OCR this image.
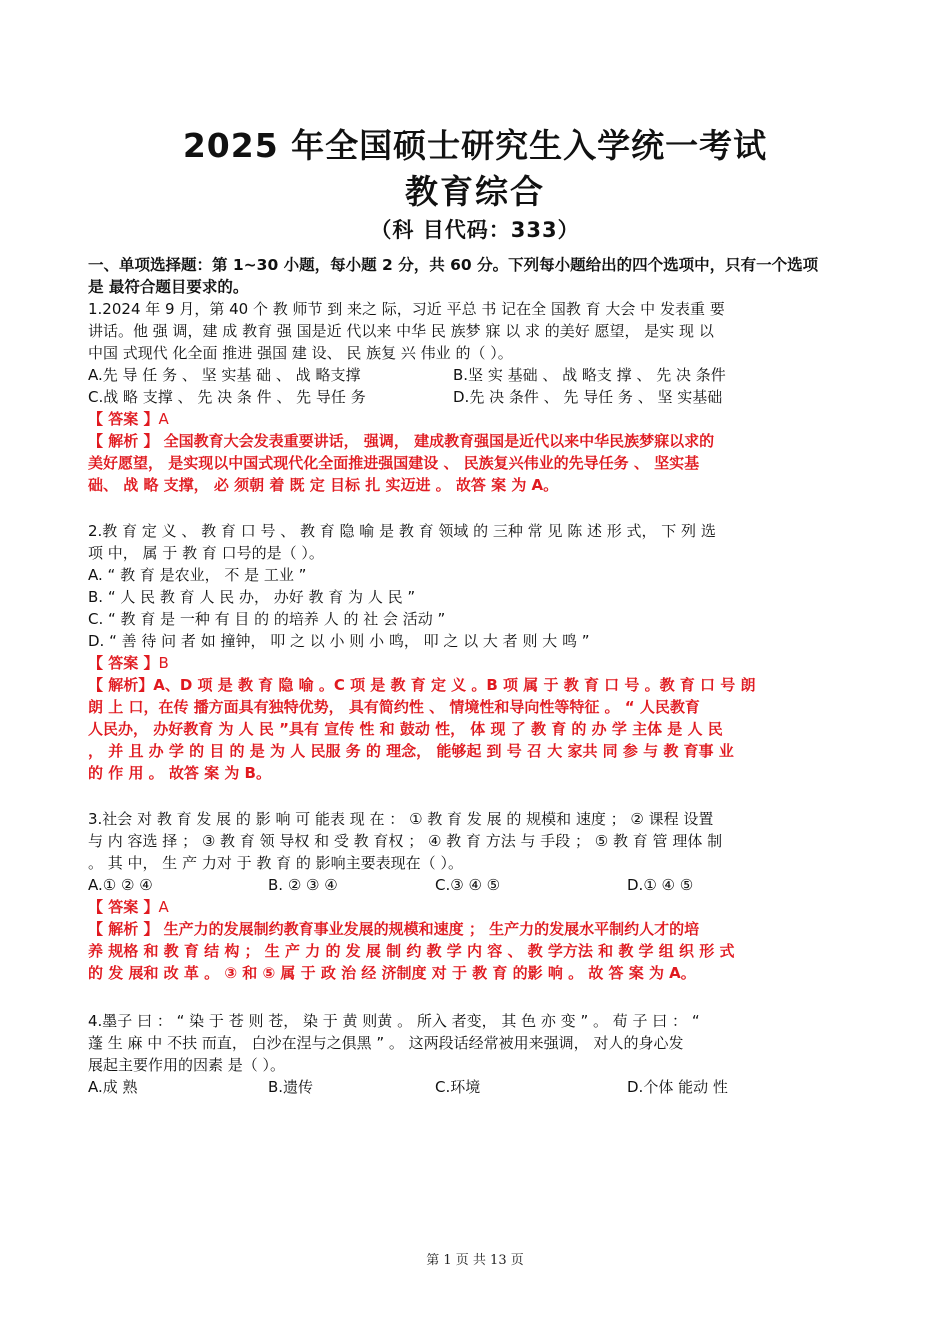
2025 年全国硕士研究生入学统一考试
教育综合
（科 目代码：333）
一、单项选择题：第 1~30 小题，每小题 2 分，共 60 分。下列每小题给出的四个选项中，只有一个选项
是 最符合题目要求的。
1.2024 年 9 月，第 40 个 教 师节 到 来之 际，习近 平总 书 记在全 国教 育 大会 中 发表重 要
讲话。他 强 调，建 成 教育 强 国是近 代以来 中华 民 族梦 寐 以 求 的美好 愿望， 是实 现 以
中国 式现代 化全面 推进 强国 建 设、 民 族复 兴 伟业 的（ ）。
A.先 导 任 务 、 坚 实基 础 、 战 略支撑	B.坚 实 基础 、 战 略支 撑 、 先 决 条件
C.战 略 支撑 、 先 决 条 件 、 先 导任 务	D.先 决 条件 、 先 导任 务 、 坚 实基础
【 答案 】A
【 解析 】 全国教育大会发表重要讲话， 强调， 建成教育强国是近代以来中华民族梦寐以求的
美好愿望， 是实现以中国式现代化全面推进强国建设 、 民族复兴伟业的先导任务 、 坚实基
础、 战 略 支撑， 必 须朝 着 既 定 目标 扎 实迈进 。 故答 案 为 A。
2.教 育 定 义 、 教 育 口 号 、 教 育 隐 喻 是 教 育 领域 的 三种 常 见 陈 述 形 式， 下 列 选
项 中， 属 于 教 育 口号的是（ ）。
A. “ 教 育 是农业， 不 是 工业 ”
B. “ 人 民 教 育 人 民 办， 办好 教 育 为 人 民 ”
C. “ 教 育 是 一种 有 目 的 的培养 人 的 社 会 活动 ”
D. “ 善 待 问 者 如 撞钟， 叩 之 以 小 则 小 鸣， 叩 之 以 大 者 则 大 鸣 ”
【 答案 】B
【 解析】A、D 项 是 教 育 隐 喻 。C 项 是 教 育 定 义 。B 项 属 于 教 育 口 号 。教 育 口 号 朗
朗 上 口，在传 播方面具有独特优势， 具有简约性 、 情境性和导向性等特征 。 “ 人民教育
人民办， 办好教育 为 人 民 ”具有 宣传 性 和 鼓动 性， 体 现 了 教 育 的 办 学 主体 是 人 民
， 并 且 办 学 的 目 的 是 为 人 民服 务 的 理念， 能够起 到 号 召 大 家共 同 参 与 教 育事 业
的 作 用 。 故答 案 为 B。
3.社会 对 教 育 发 展 的 影 响 可 能表 现 在 ： ① 教 育 发 展 的 规模和 速度 ； ② 课程 设置
与 内 容选 择 ； ③ 教 育 领 导权 和 受 教 育权 ； ④ 教 育 方法 与 手段 ； ⑤ 教 育 管 理体 制
。 其 中， 生 产 力对 于 教 育 的 影响主要表现在（ ）。
A.① ② ④	B. ② ③ ④	C.③ ④ ⑤	D.① ④ ⑤
【 答案 】A
【 解析 】 生产力的发展制约教育事业发展的规模和速度 ； 生产力的发展水平制约人才的培
养 规格 和 教 育 结 构 ； 生 产 力 的 发 展 制 约 教 学 内 容 、 教 学方法 和 教 学 组 织 形 式
的 发 展和 改 革 。 ③ 和 ⑤ 属 于 政 治 经 济制度 对 于 教 育 的影 响 。 故 答 案 为 A。
4.墨子 曰 ： “ 染 于 苍 则 苍， 染 于 黄 则黄 。 所入 者变， 其 色 亦 变 ” 。 荀 子 曰 ： “
蓬 生 麻 中 不扶 而直， 白沙在涅与之俱黑 ” 。 这两段话经常被用来强调， 对人的身心发
展起主要作用的因素 是（ ）。
A.成 熟	B.遗传	C.环境	D.个体 能动 性
第 1 页 共 13 页
